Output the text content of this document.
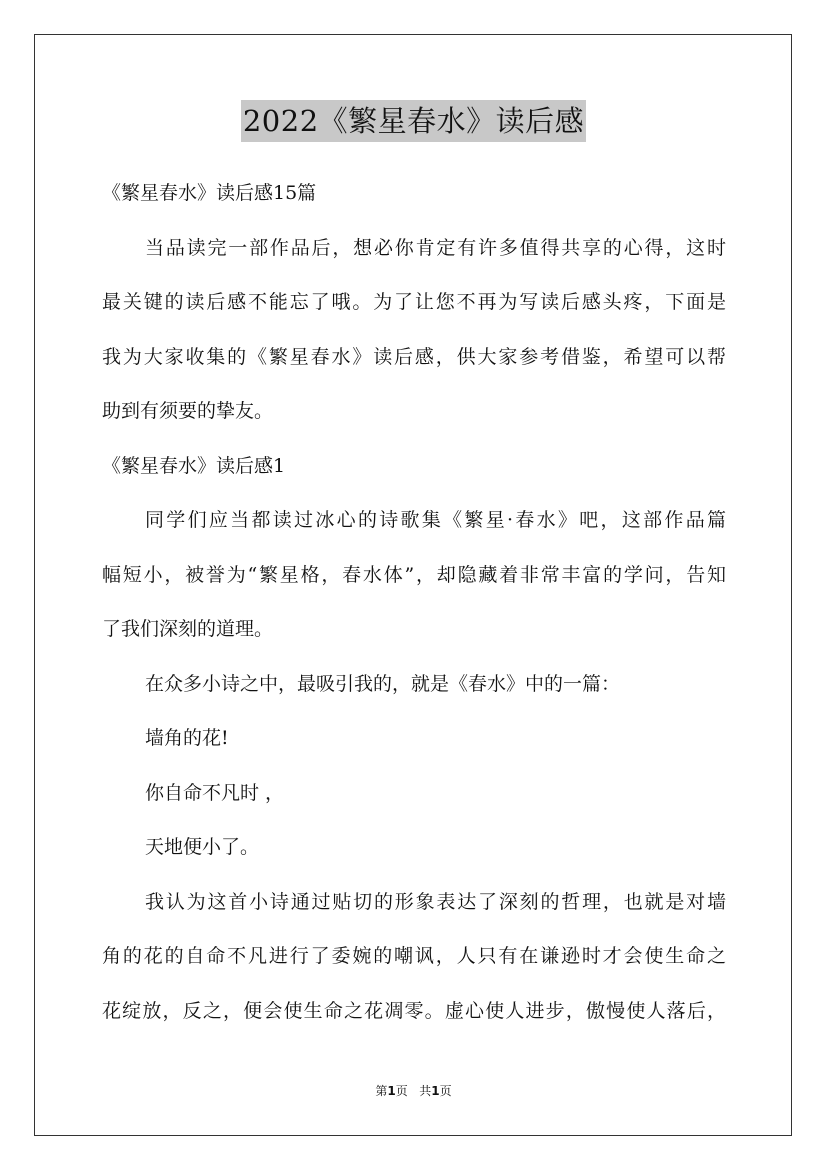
2022《繁星春水》读后感
《繁星春水》读后感15篇
当品读完一部作品后，想必你肯定有许多值得共享的心得，这时
最关键的读后感不能忘了哦。为了让您不再为写读后感头疼，下面是
我为大家收集的《繁星春水》读后感，供大家参考借鉴，希望可以帮
助到有须要的挚友。
《繁星春水》读后感1
同学们应当都读过冰心的诗歌集《繁星·春水》吧，这部作品篇
幅短小，被誉为“繁星格，春水体”，却隐藏着非常丰富的学问，告知
了我们深刻的道理。
在众多小诗之中，最吸引我的，就是《春水》中的一篇：
墙角的花!
你自命不凡时 ，
天地便小了。
我认为这首小诗通过贴切的形象表达了深刻的哲理，也就是对墙
角的花的自命不凡进行了委婉的嘲讽，人只有在谦逊时才会使生命之
花绽放，反之，便会使生命之花凋零。虚心使人进步，傲慢使人落后，
第1页 共1页
